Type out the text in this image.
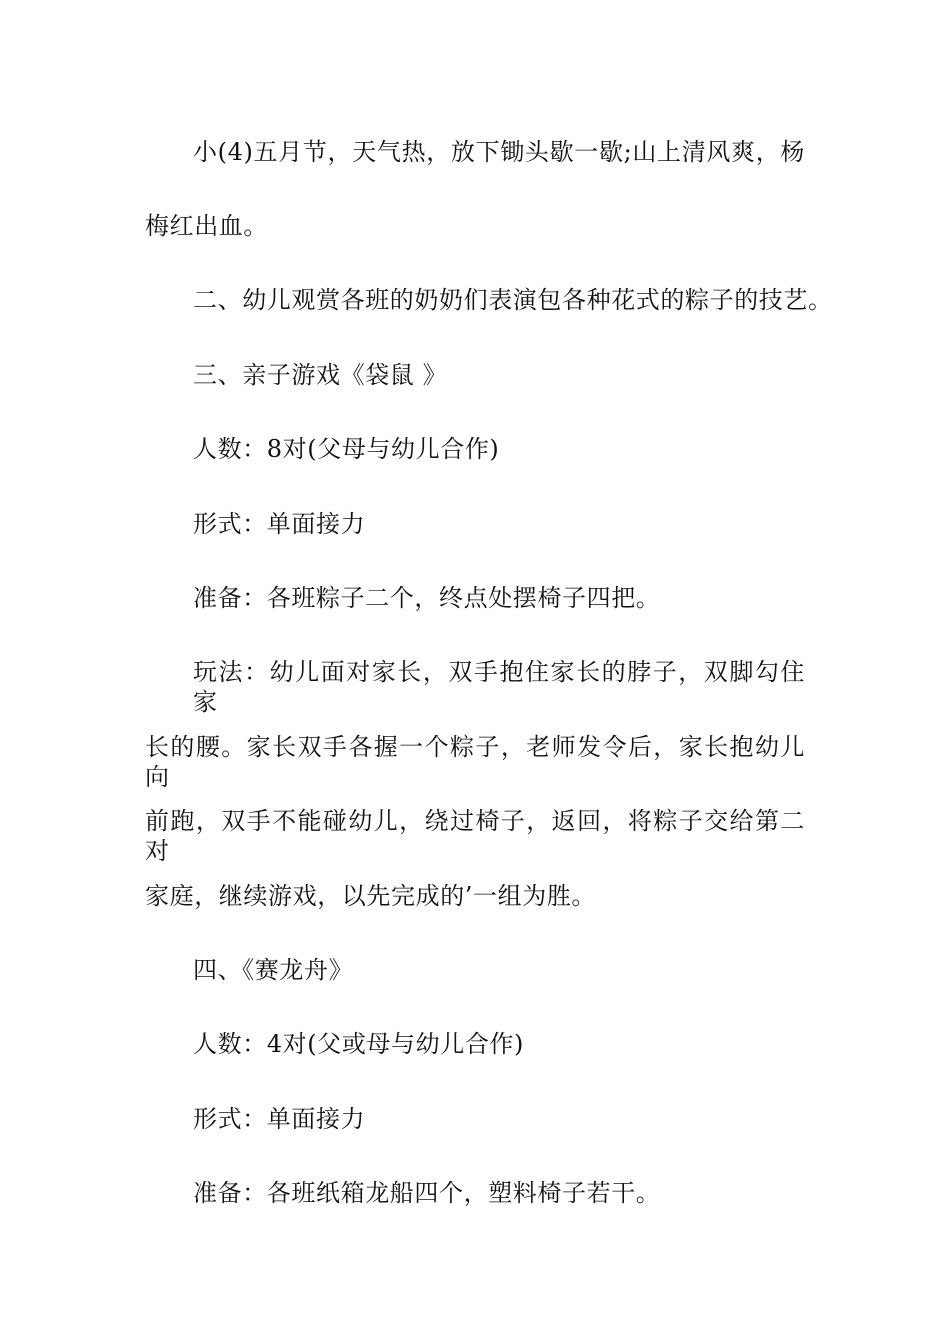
小(4)五月节，天气热，放下锄头歇一歇;山上清风爽，杨
梅红出血。
二、幼儿观赏各班的奶奶们表演包各种花式的粽子的技艺。
三、亲子游戏《袋鼠 》
人数：8对(父母与幼儿合作)
形式：单面接力
准备：各班粽子二个，终点处摆椅子四把。
玩法：幼儿面对家长，双手抱住家长的脖子，双脚勾住家
长的腰。家长双手各握一个粽子，老师发令后，家长抱幼儿向
前跑，双手不能碰幼儿，绕过椅子，返回，将粽子交给第二对
家庭，继续游戏，以先完成的’一组为胜。
四、《赛龙舟》
人数：4对(父或母与幼儿合作)
形式：单面接力
准备：各班纸箱龙船四个，塑料椅子若干。
